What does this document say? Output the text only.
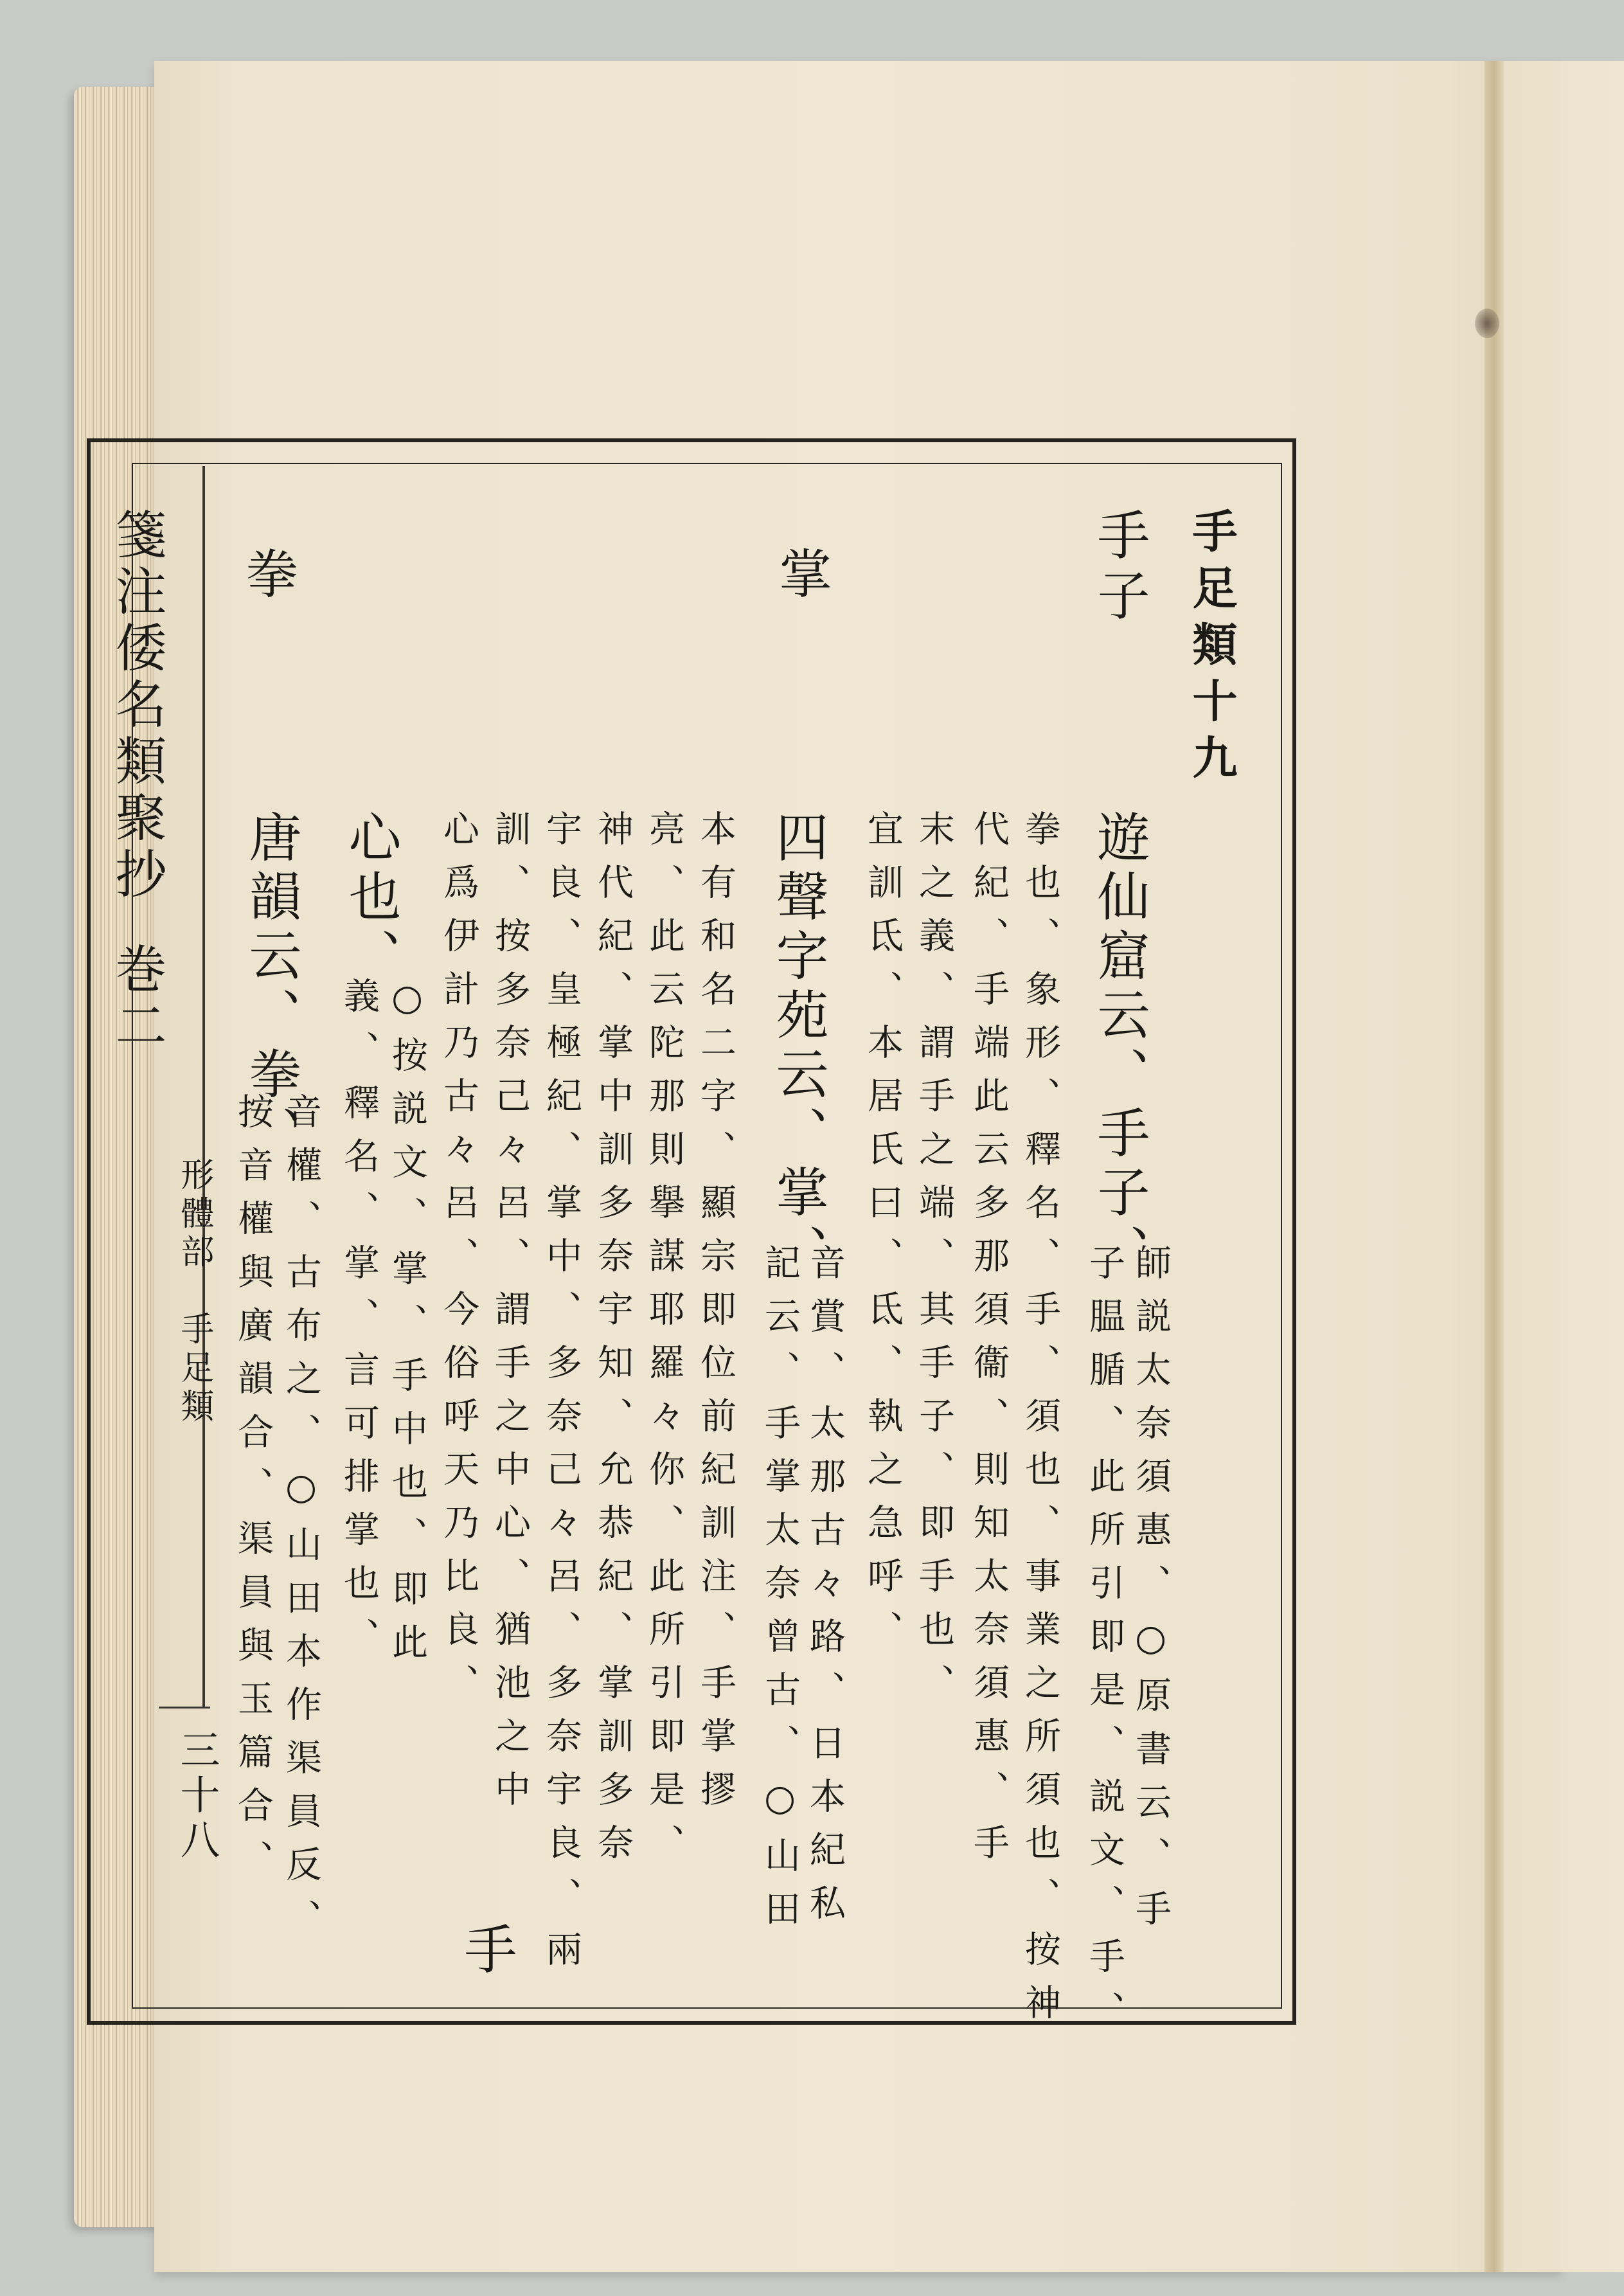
箋注倭名類聚抄巻二
形體部　手足類
三十八
手足類十九
手子
遊仙窟云、手子、
師説太奈須惠、○原書云、手
子腽腯、此所引即是、説文、手、
拳也、象形、釋名、手、須也、事業之所須也、按神
代紀、手端此云多那須衞、則知太奈須惠、手
末之義、謂手之端、其手子、即手也、
宜訓氐、本居氏曰、氐、執之急呼、
掌
四聲字苑云、掌、
音賞、太那古々路、日本紀私
記云、手掌太奈曾古、○山田
本有和名二字、顯宗即位前紀訓注、手掌摎
亮、此云陀那則擧謀耶羅々你、此所引即是、
神代紀、掌中訓多奈宇知、允恭紀、掌訓多奈
宇良、皇極紀、掌中、多奈己々呂、多奈宇良、兩
訓、按多奈己々呂、謂手之中心、猶池之中
心爲伊計乃古々呂、今俗呼天乃比良、
手
心也、
○按説文、掌、手中也、即此
義、釋名、掌、言可排掌也、
拳
唐韻云、拳、
音權、古布之、○山田本作渠員反、
按音權與廣韻合、渠員與玉篇合、
